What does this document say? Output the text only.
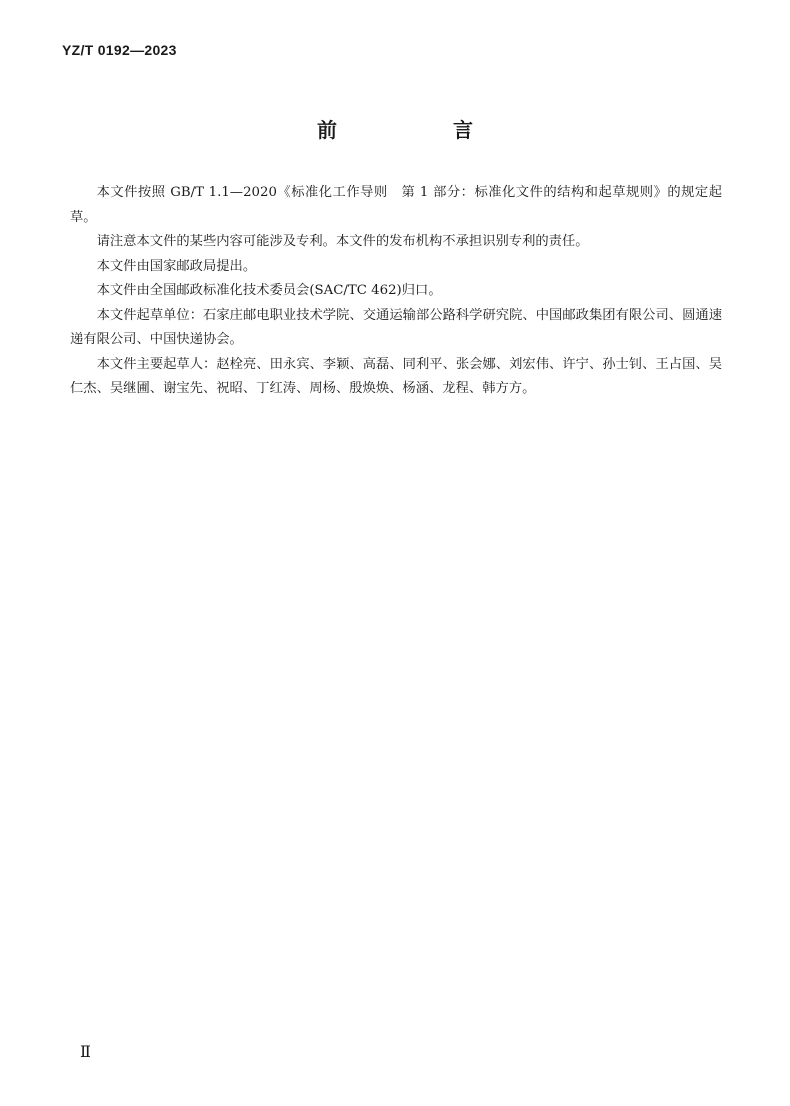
YZ/T 0192—2023
前　言

本文件按照 GB/T 1.1—2020《标准化工作导则　第 1 部分：标准化文件的结构和起草规则》的规定起草。

请注意本文件的某些内容可能涉及专利。本文件的发布机构不承担识别专利的责任。

本文件由国家邮政局提出。

本文件由全国邮政标准化技术委员会(SAC/TC 462)归口。

本文件起草单位：石家庄邮电职业技术学院、交通运输部公路科学研究院、中国邮政集团有限公司、圆通速递有限公司、中国快递协会。

本文件主要起草人：赵栓亮、田永宾、李颖、高磊、同利平、张会娜、刘宏伟、许宁、孙士钊、王占国、吴仁杰、吴继圃、谢宝先、祝昭、丁红涛、周杨、殷焕焕、杨涵、龙程、韩方方。

Ⅱ
